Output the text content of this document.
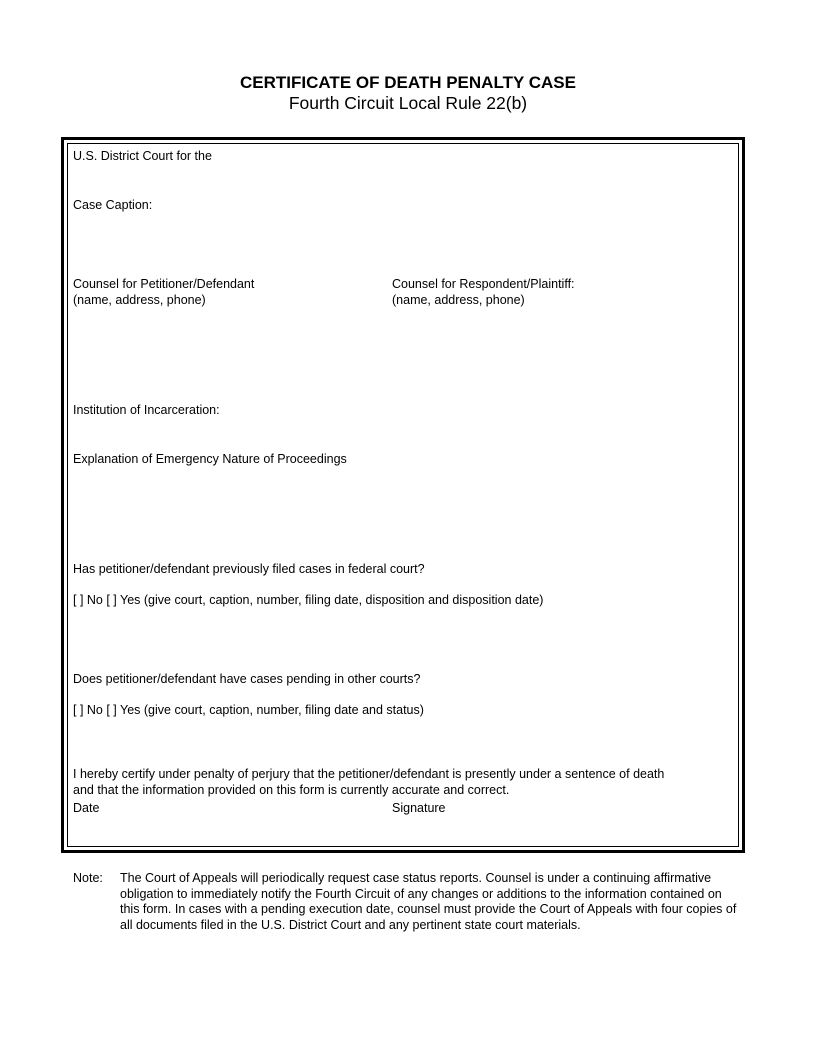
CERTIFICATE OF DEATH PENALTY CASE
Fourth Circuit Local Rule 22(b)
U.S. District Court for the
Case Caption:
Counsel for Petitioner/Defendant
(name, address, phone)
Counsel for Respondent/Plaintiff:
(name, address, phone)
Institution of Incarceration:
Explanation of Emergency Nature of Proceedings
Has petitioner/defendant previously filed cases in federal court?
[ ] No [ ] Yes (give court, caption, number, filing date, disposition and disposition date)
Does petitioner/defendant have cases pending in other courts?
[ ] No [ ] Yes (give court, caption, number, filing date and status)
I hereby certify under penalty of perjury that the petitioner/defendant is presently under a sentence of death and that the information provided on this form is currently accurate and correct.
Date	Signature
Note: The Court of Appeals will periodically request case status reports. Counsel is under a continuing affirmative obligation to immediately notify the Fourth Circuit of any changes or additions to the information contained on this form. In cases with a pending execution date, counsel must provide the Court of Appeals with four copies of all documents filed in the U.S. District Court and any pertinent state court materials.
